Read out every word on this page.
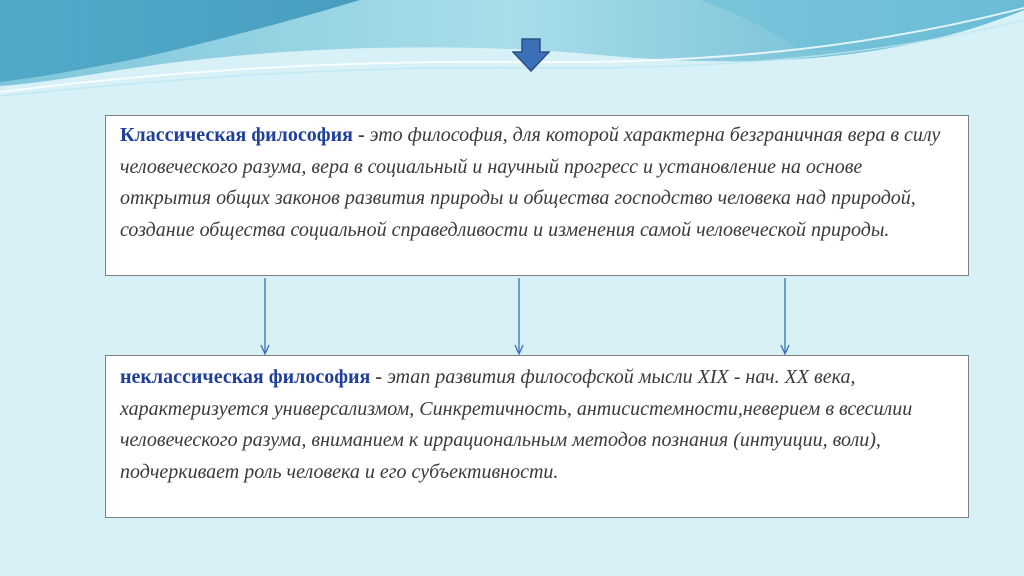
Классическая философия - это философия, для которой характерна безграничная вера в силу человеческого разума, вера в социальный и научный прогресс и установление на основе открытия общих законов развития природы и общества господство человека над природой, создание общества социальной справедливости и изменения самой человеческой природы.
неклассическая философия - этап развития философской мысли XIX - нач. XX века, характеризуется универсализмом, Синкретичность, антисистемности,неверием в всесилии человеческого разума, вниманием к иррациональным методов познания (интуиции, воли), подчеркивает роль человека и его субъективности.
